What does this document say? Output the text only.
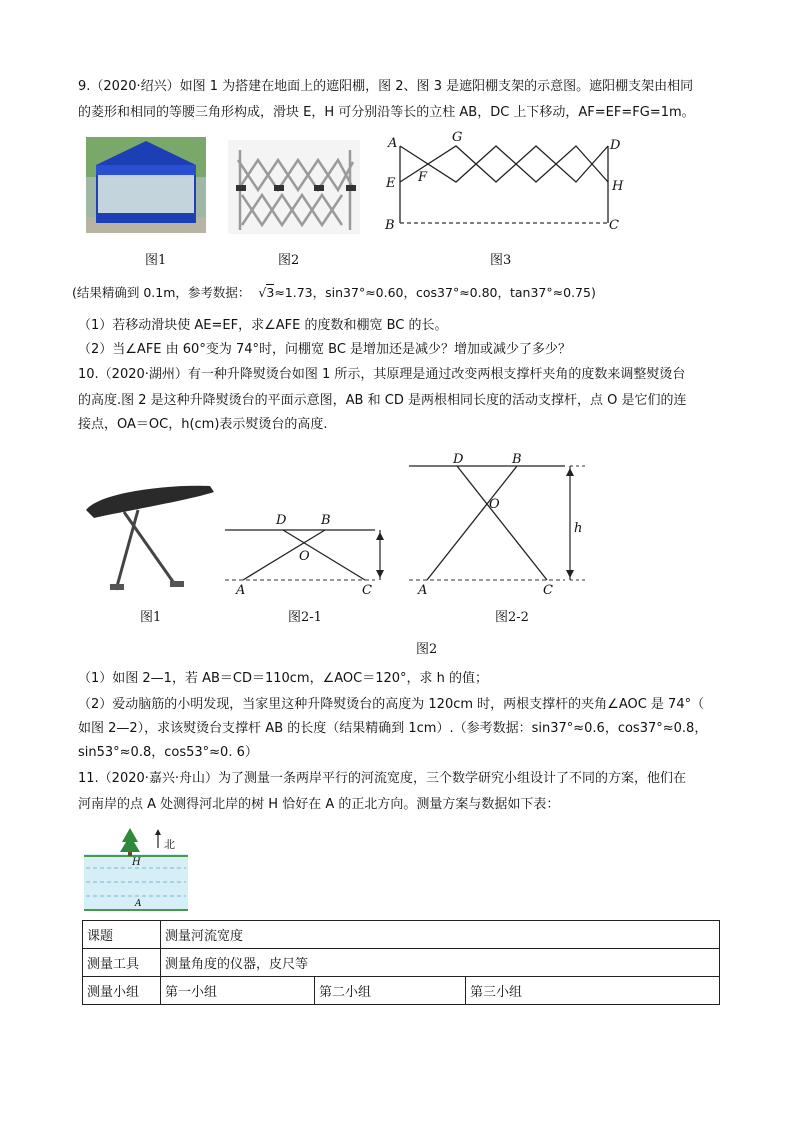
9.（2020·绍兴）如图 1 为搭建在地面上的遮阳棚，图 2、图 3 是遮阳棚支架的示意图。遮阳棚支架由相同
的菱形和相同的等腰三角形构成，滑块 E，H 可分别沿等长的立柱 AB，DC 上下移动，AF=EF=FG=1m。
A	G
D
E F
H
B	C
图1	图2	图3
(结果精确到 0.1m，参考数据： √3≈1.73，sin37°≈0.60，cos37°≈0.80，tan37°≈0.75)
（1）若移动滑块使 AE=EF，求∠AFE 的度数和棚宽 BC 的长。
（2）当∠AFE 由 60°变为 74°时，问棚宽 BC 是增加还是减少？增加或减少了多少？
10.（2020·湖州）有一种升降熨烫台如图 1 所示，其原理是通过改变两根支撑杆夹角的度数来调整熨烫台
的高度.图 2 是这种升降熨烫台的平面示意图，AB 和 CD 是两根相同长度的活动支撑杆，点 O 是它们的连
接点，OA＝OC，h(cm)表示熨烫台的高度.
D	B
O
A	C
D	B
O
h
A	C
图1	图2-1	图2-2
图2
（1）如图 2—1，若 AB＝CD＝110cm，∠AOC＝120°，求 h 的值；
（2）爱动脑筋的小明发现，当家里这种升降熨烫台的高度为 120cm 时，两根支撑杆的夹角∠AOC 是 74°（
如图 2—2），求该熨烫台支撑杆 AB 的长度（结果精确到 1cm）.（参考数据：sin37°≈0.6，cos37°≈0.8，
sin53°≈0.8，cos53°≈0. 6）
11.（2020·嘉兴·舟山）为了测量一条两岸平行的河流宽度，三个数学研究小组设计了不同的方案，他们在
河南岸的点 A 处测得河北岸的树 H 恰好在 A 的正北方向。测量方案与数据如下表：
北
H
A
课题	测量河流宽度		
测量工具	测量角度的仪器，皮尺等		
测量小组	第一小组	第二小组	第三小组
